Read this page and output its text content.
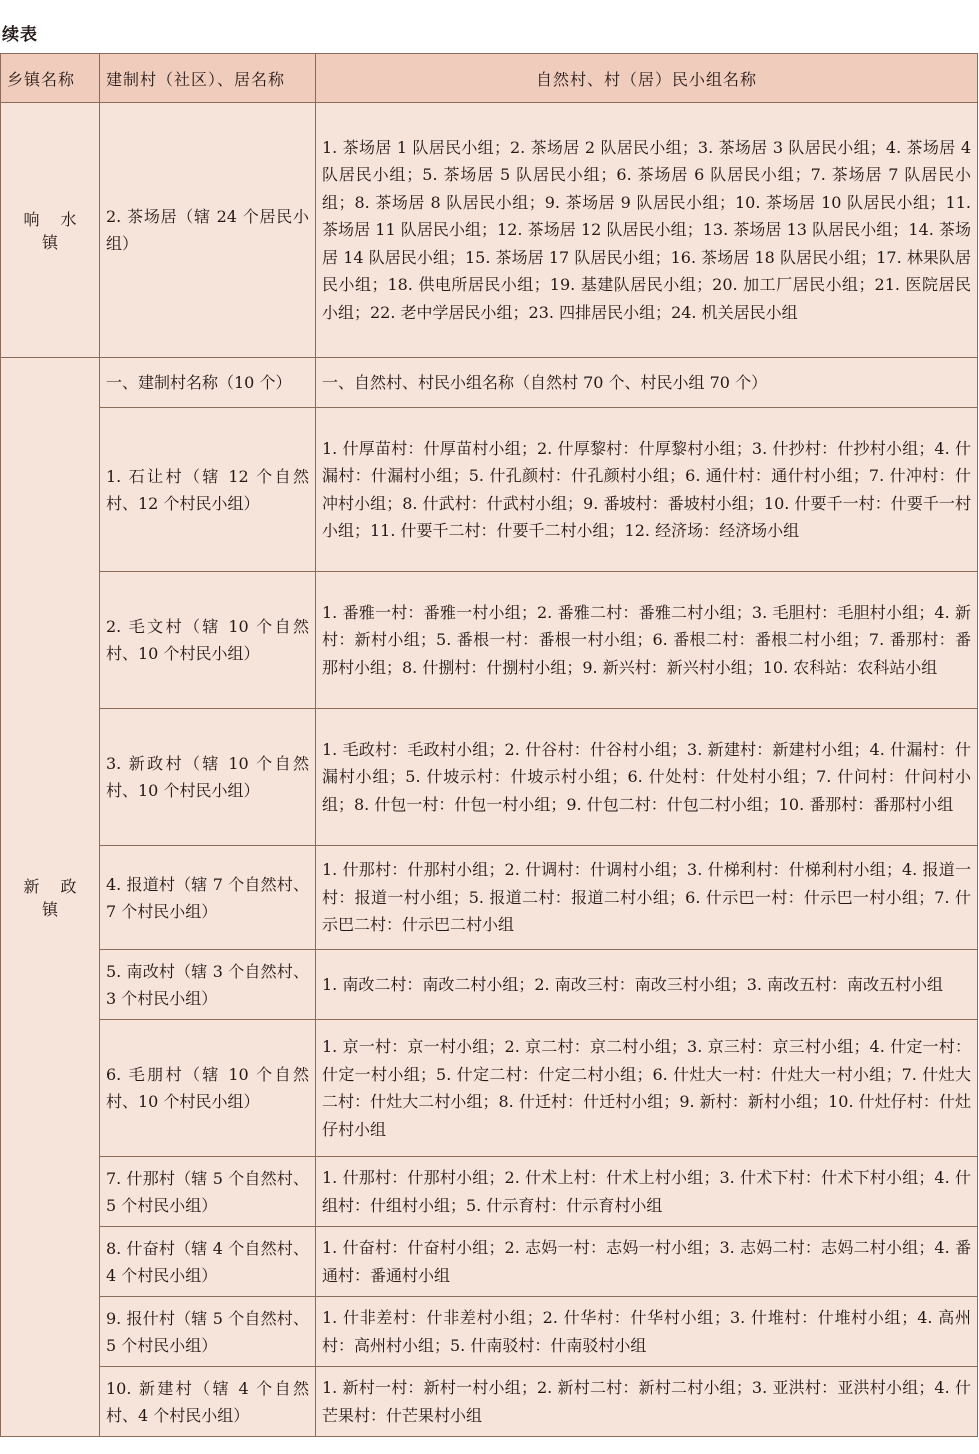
续表
乡镇名称	建制村（社区）、居名称	自然村、村（居）民小组名称
响 水 镇	2. 茶场居（辖 24 个居民小组）	1. 茶场居 1 队居民小组；2. 茶场居 2 队居民小组；3. 茶场居 3 队居民小组；4. 茶场居 4 队居民小组；5. 茶场居 5 队居民小组；6. 茶场居 6 队居民小组；7. 茶场居 7 队居民小组；8. 茶场居 8 队居民小组；9. 茶场居 9 队居民小组；10. 茶场居 10 队居民小组；11. 茶场居 11 队居民小组；12. 茶场居 12 队居民小组；13. 茶场居 13 队居民小组；14. 茶场居 14 队居民小组；15. 茶场居 17 队居民小组；16. 茶场居 18 队居民小组；17. 林果队居民小组；18. 供电所居民小组；19. 基建队居民小组；20. 加工厂居民小组；21. 医院居民小组；22. 老中学居民小组；23. 四排居民小组；24. 机关居民小组
新 政 镇	一、建制村名称（10 个）	一、自然村、村民小组名称（自然村 70 个、村民小组 70 个）
	1. 石让村（辖 12 个自然村、12 个村民小组）	1. 什厚苗村：什厚苗村小组；2. 什厚黎村：什厚黎村小组；3. 什抄村：什抄村小组；4. 什漏村：什漏村小组；5. 什孔颜村：什孔颜村小组；6. 通什村：通什村小组；7. 什冲村：什冲村小组；8. 什武村：什武村小组；9. 番坡村：番坡村小组；10. 什要千一村：什要千一村小组；11. 什要千二村：什要千二村小组；12. 经济场：经济场小组
	2. 毛文村（辖 10 个自然村、10 个村民小组）	1. 番雅一村：番雅一村小组；2. 番雅二村：番雅二村小组；3. 毛胆村：毛胆村小组；4. 新村：新村小组；5. 番根一村：番根一村小组；6. 番根二村：番根二村小组；7. 番那村：番那村小组；8. 什捌村：什捌村小组；9. 新兴村：新兴村小组；10. 农科站：农科站小组
	3. 新政村（辖 10 个自然村、10 个村民小组）	1. 毛政村：毛政村小组；2. 什谷村：什谷村小组；3. 新建村：新建村小组；4. 什漏村：什漏村小组；5. 什坡示村：什坡示村小组；6. 什处村：什处村小组；7. 什问村：什问村小组；8. 什包一村：什包一村小组；9. 什包二村：什包二村小组；10. 番那村：番那村小组
	4. 报道村（辖 7 个自然村、7 个村民小组）	1. 什那村：什那村小组；2. 什调村：什调村小组；3. 什梯利村：什梯利村小组；4. 报道一村：报道一村小组；5. 报道二村：报道二村小组；6. 什示巴一村：什示巴一村小组；7. 什示巴二村：什示巴二村小组
	5. 南改村（辖 3 个自然村、3 个村民小组）	1. 南改二村：南改二村小组；2. 南改三村：南改三村小组；3. 南改五村：南改五村小组
	6. 毛朋村（辖 10 个自然村、10 个村民小组）	1. 京一村：京一村小组；2. 京二村：京二村小组；3. 京三村：京三村小组；4. 什定一村：什定一村小组；5. 什定二村：什定二村小组；6. 什灶大一村：什灶大一村小组；7. 什灶大二村：什灶大二村小组；8. 什迁村：什迁村小组；9. 新村：新村小组；10. 什灶仔村：什灶仔村小组
	7. 什那村（辖 5 个自然村、5 个村民小组）	1. 什那村：什那村小组；2. 什术上村：什术上村小组；3. 什术下村：什术下村小组；4. 什组村：什组村小组；5. 什示育村：什示育村小组
	8. 什奋村（辖 4 个自然村、4 个村民小组）	1. 什奋村：什奋村小组；2. 志妈一村：志妈一村小组；3. 志妈二村：志妈二村小组；4. 番通村：番通村小组
	9. 报什村（辖 5 个自然村、5 个村民小组）	1. 什非差村：什非差村小组；2. 什华村：什华村小组；3. 什堆村：什堆村小组；4. 高州村：高州村小组；5. 什南驳村：什南驳村小组
	10. 新建村（辖 4 个自然村、4 个村民小组）	1. 新村一村：新村一村小组；2. 新村二村：新村二村小组；3. 亚洪村：亚洪村小组；4. 什芒果村：什芒果村小组
